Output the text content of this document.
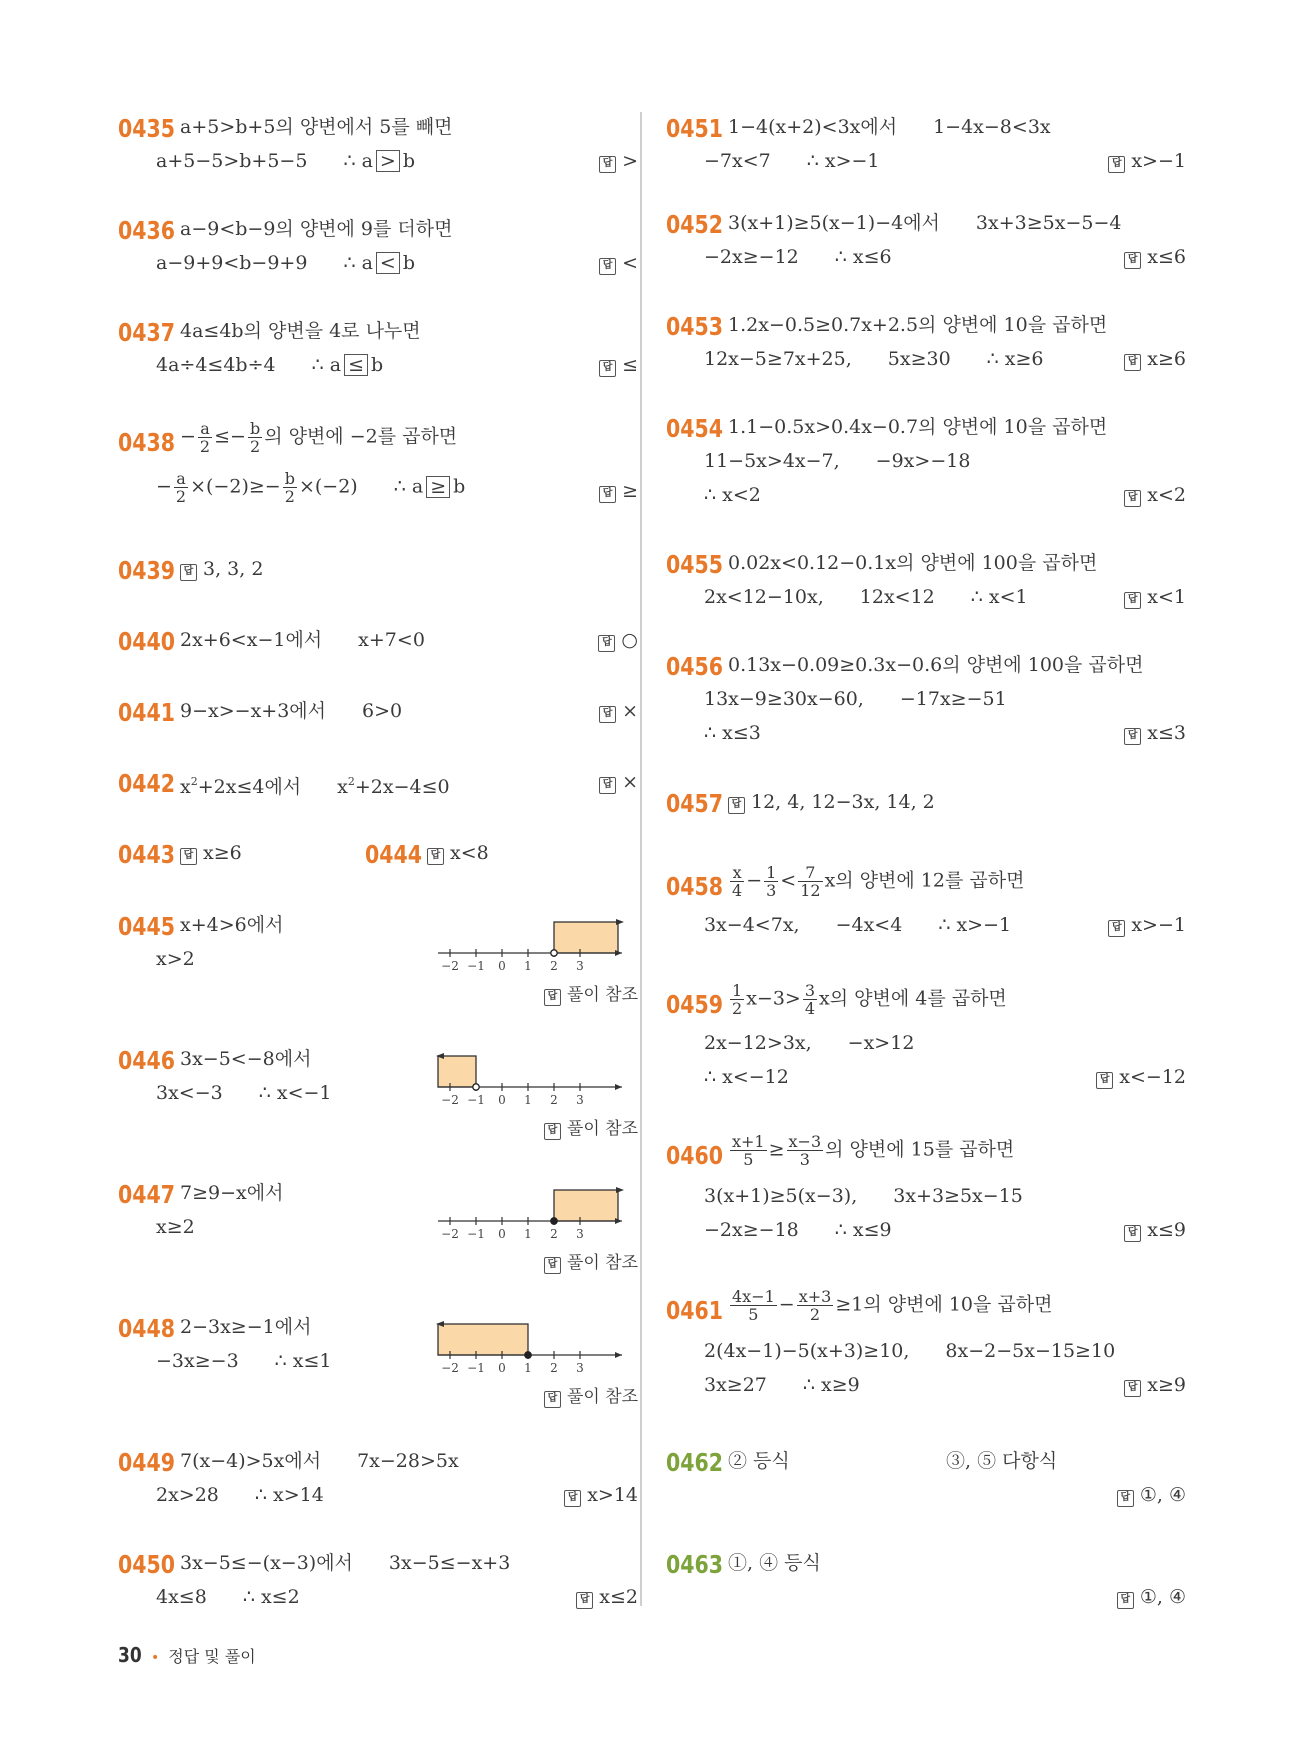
0435 a+5>b+5의 양변에서 5를 빼면
a+5−5>b+5−5 ∴ a > b	답 >
0436 a−9<b−9의 양변에 9를 더하면
a−9+9<b−9+9 ∴ a < b	답 <
0437 4a≤4b의 양변을 4로 나누면
4a÷4≤4b÷4 ∴ a ≤ b	답 ≤
$0438 - \frac{a}{2} \le- \frac{b}{2}$ 의 양변에 −2를 곱하면
− $\frac{a}{2} \times(-2)\ge- \frac{b}{2} \times(-2)$ ∴ a ≥ b	답 ≥
0439 답 3, 3, 2
0440 2x+6<x−1에서 x+7<0	답 ○
0441 9−x>−x+3에서 6>0	답 ×
0442 $x^2+2x\le 4$에서 $x^2+2x-4\le 0$	답 ×
0443 답 x≥6	0444 답 x<8
0445 x+4>6에서
x>2	−2 −1 0 1 2 3
답 풀이 참조
0446 3x−5<−8에서
3x<−3 ∴ x<−1	−2 −1 0 1 2 3
답 풀이 참조
0447 7≥9−x에서
x≥2	−2 −1 0 1 2 3
답 풀이 참조
0448 2−3x≥−1에서
−3x≥−3 ∴ x≤1	−2 −1 0 1 2 3
답 풀이 참조
0449 7(x−4)>5x에서 7x−28>5x
2x>28 ∴ x>14	답 x>14
0450 3x−5≤−(x−3)에서 3x−5≤−x+3
4x≤8 ∴ x≤2	답 x≤2
0451 1−4(x+2)<3x에서 1−4x−8<3x
−7x<7 ∴ x>−1	답 x>−1
0452 3(x+1)≥5(x−1)−4에서 3x+3≥5x−5−4
−2x≥−12 ∴ x≤6	답 x≤6
0453 1.2x−0.5≥0.7x+2.5의 양변에 10을 곱하면
12x−5≥7x+25, 5x≥30 ∴ x≥6	답 x≥6
0454 1.1−0.5x>0.4x−0.7의 양변에 10을 곱하면
11−5x>4x−7, −9x>−18
∴ x<2	답 x<2
0455 0.02x<0.12−0.1x의 양변에 100을 곱하면
2x<12−10x, 12x<12 ∴ x<1	답 x<1
0456 0.13x−0.09≥0.3x−0.6의 양변에 100을 곱하면
13x−9≥30x−60, −17x≥−51
∴ x≤3	답 x≤3
0457 답 12, 4, 12−3x, 14, 2
$0458 \frac{x}{4} - \frac{1}{3} < \frac{7}{12}$ x의 양변에 12를 곱하면
3x−4<7x, −4x<4 ∴ x>−1	답 x>−1
$0459 \frac{1}{2} x-3> \frac{3}{4}$ x의 양변에 4를 곱하면
2x−12>3x, −x>12
∴ x<−12	답 x<−12
$0460 \frac{x+1}{5} \ge \frac{x-3}{3}$ 의 양변에 15를 곱하면
3(x+1)≥5(x−3), 3x+3≥5x−15
−2x≥−18 ∴ x≤9	답 x≤9
$0461 \frac{4x-1}{5} - \frac{x+3}{2} \ge 1$의 양변에 10을 곱하면
2(4x−1)−5(x+3)≥10, 8x−2−5x−15≥10
3x≥27 ∴ x≥9	답 x≥9
0462 ② 등식	③, ⑤ 다항식
답 ①, ④
0463 ①, ④ 등식
답 ①, ④
30 • 정답 및 풀이
